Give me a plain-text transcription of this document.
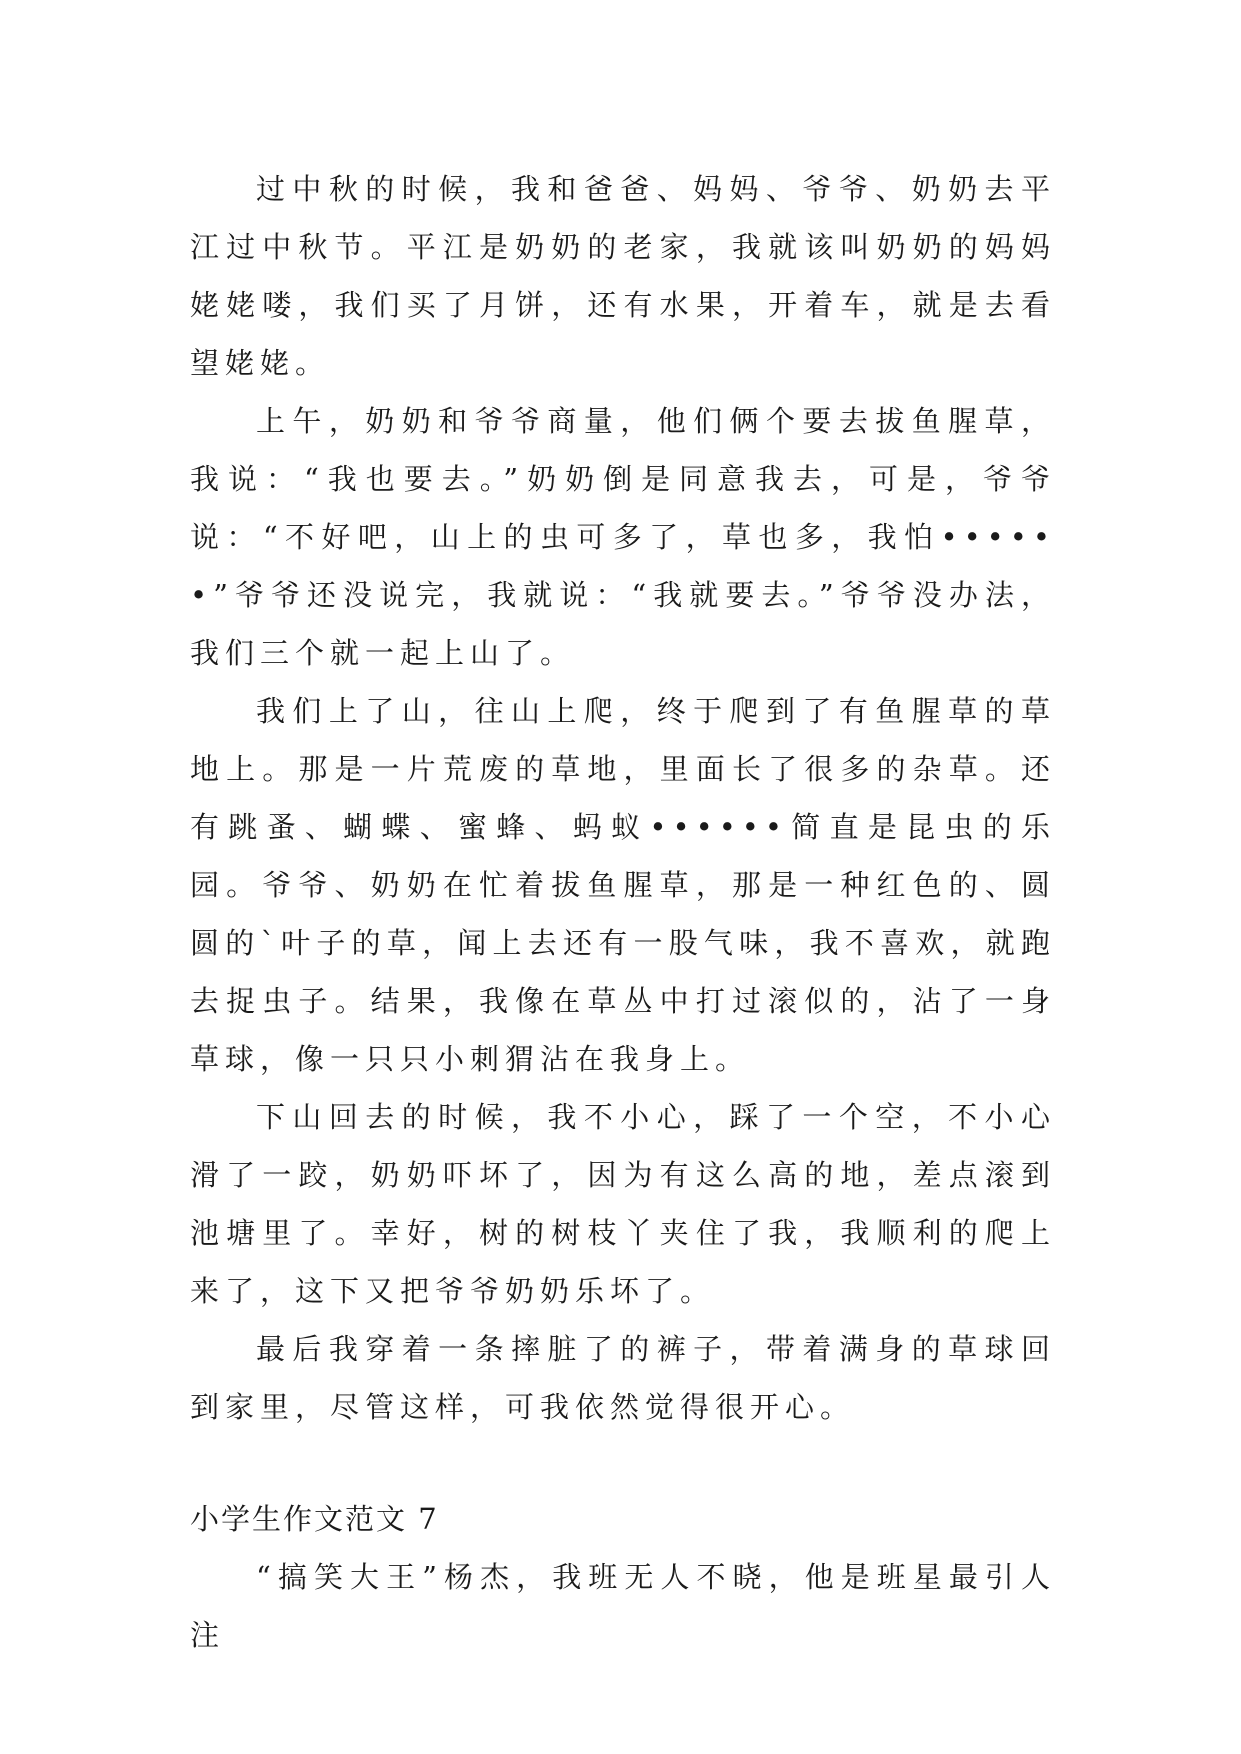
过中秋的时候，我和爸爸、妈妈、爷爷、奶奶去平江过中秋节。平江是奶奶的老家，我就该叫奶奶的妈妈姥姥喽，我们买了月饼，还有水果，开着车，就是去看望姥姥。

上午，奶奶和爷爷商量，他们俩个要去拔鱼腥草，我说：“我也要去。”奶奶倒是同意我去，可是，爷爷说：“不好吧，山上的虫可多了，草也多，我怕••••••”爷爷还没说完，我就说：“我就要去。”爷爷没办法，我们三个就一起上山了。

我们上了山，往山上爬，终于爬到了有鱼腥草的草地上。那是一片荒废的草地，里面长了很多的杂草。还有跳蚤、蝴蝶、蜜蜂、蚂蚁••••••简直是昆虫的乐园。爷爷、奶奶在忙着拔鱼腥草，那是一种红色的、圆圆的`叶子的草，闻上去还有一股气味，我不喜欢，就跑去捉虫子。结果，我像在草丛中打过滚似的，沾了一身草球，像一只只小刺猬沾在我身上。

下山回去的时候，我不小心，踩了一个空，不小心滑了一跤，奶奶吓坏了，因为有这么高的地，差点滚到池塘里了。幸好，树的树枝丫夹住了我，我顺利的爬上来了，这下又把爷爷奶奶乐坏了。

最后我穿着一条摔脏了的裤子，带着满身的草球回到家里，尽管这样，可我依然觉得很开心。

小学生作文范文 7

“搞笑大王”杨杰，我班无人不晓，他是班星最引人注
